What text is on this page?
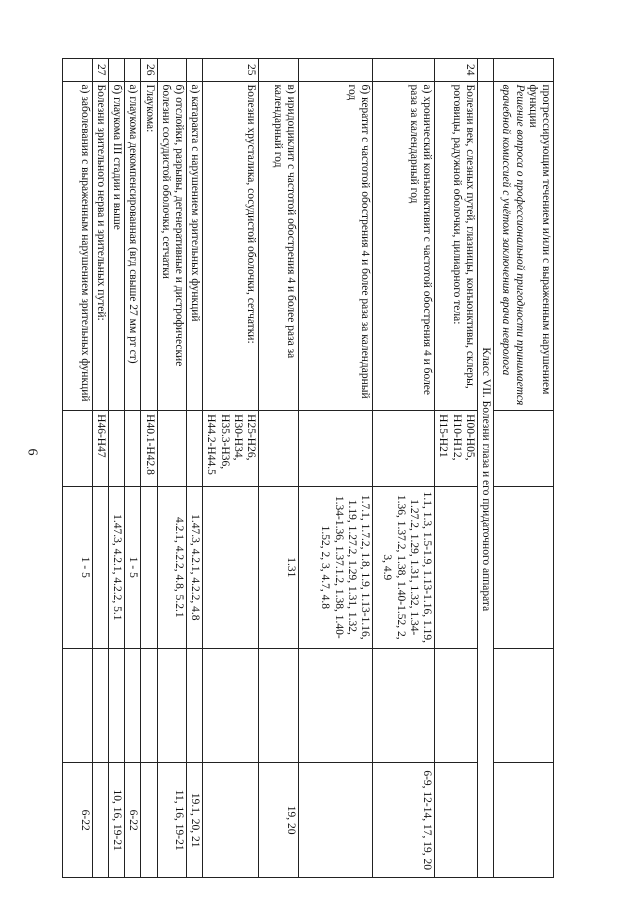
6

	прогрессирующим течением и/или с выраженным нарушением функции
Решение вопроса о профессиональной пригодности принимается врачебной комиссией с учётом заключения врача невролога				

	Класс VII. Болезни глаза и его придаточного аппарата				
24	Болезни век, слезных путей, глазницы, конъюнктивы, склеры, роговицы, радужной оболочки, цилиарного тела:	H00-H05, H10-H12, H15-H21			
	а) хронический конъюнктивит с частотой обострения 4 и более раза за календарный год		1.1, 1.3, 1.5-1.9, 1.13-1.16, 1.19, 1.27.2, 1.29, 1.31, 1.32, 1.34-1.36, 1.37.2, 1.38, 1.40-1.52, 2, 3, 4.9		6-9, 12-14, 17, 19, 20
	б) кератит с частотой обострения 4 и более раза за календарный год		1.7.1, 1.7.2, 1.8, 1.9, 1.13-1.16, 1.19, 1.27.2, 1.29, 1.31, 1.32, 1.34-1.36, 1.37.1.2, 1.38, 1.40-1.52, 2, 3, 4.7, 4.8		
	в) иридоциклит с частотой обострения 4 и более раза за календарный год		1.31		19, 20
25	Болезни хрусталика, сосудистой оболочки, сетчатки:	H25-H26, H30-H34, H35.3-H36, H44.2-H44.5			
	а) катаракта с нарушением зрительных функций		1.47.3, 4.2.1, 4.2.2, 4.8		19.1, 20, 21
	б) отслойки, разрывы, дегенеративные и дистрофические болезни сосудистой оболочки, сетчатки		4.2.1, 4.2.2, 4.8, 5.2.1		11, 16, 19-21
26	Глаукома:	H40.1-H42.8			
	а) глаукома декомпенсированная (вгд свыше 27 мм рт ст)		1 - 5		6-22
	б) глаукома III стадии и выше		1.47.3, 4.2.1, 4.2.2, 5.1		10, 16, 19-21
27	Болезни зрительного нерва и зрительных путей:	H46-H47			
	а) заболевания с выраженным нарушением зрительных функций		1 - 5		6-22
